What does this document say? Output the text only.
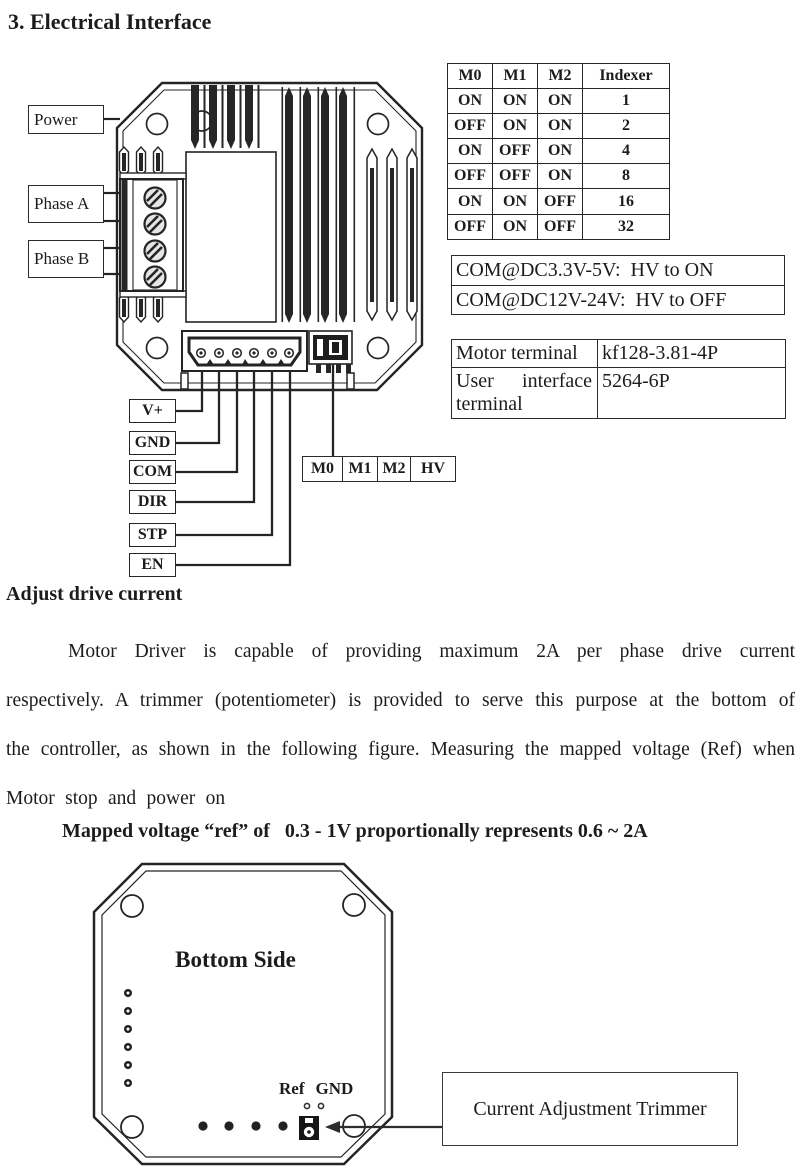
3. Electrical Interface
Power
Phase A
Phase B
V+
GND
COM
DIR
STP
EN
M0 M1 M2 HV
M0	M1	M2	Indexer
ON	ON	ON	1
OFF	ON	ON	2
ON	OFF	ON	4
OFF	OFF	ON	8
ON	ON	OFF	16
OFF	ON	OFF	32
COM@DC3.3V-5V:  HV to ON
COM@DC12V-24V:  HV to OFF
Motor terminal	kf128-3.81-4P
User interface terminal	5264-6P
Adjust drive current
Motor Driver is capable of providing maximum 2A per phase drive current respectively. A trimmer (potentiometer) is provided to serve this purpose at the bottom of the controller, as shown in the following figure. Measuring the mapped voltage (Ref) when Motor stop and power on
Mapped voltage “ref” of   0.3 - 1V proportionally represents 0.6 ~ 2A
Bottom Side
Ref GND
Current Adjustment Trimmer
